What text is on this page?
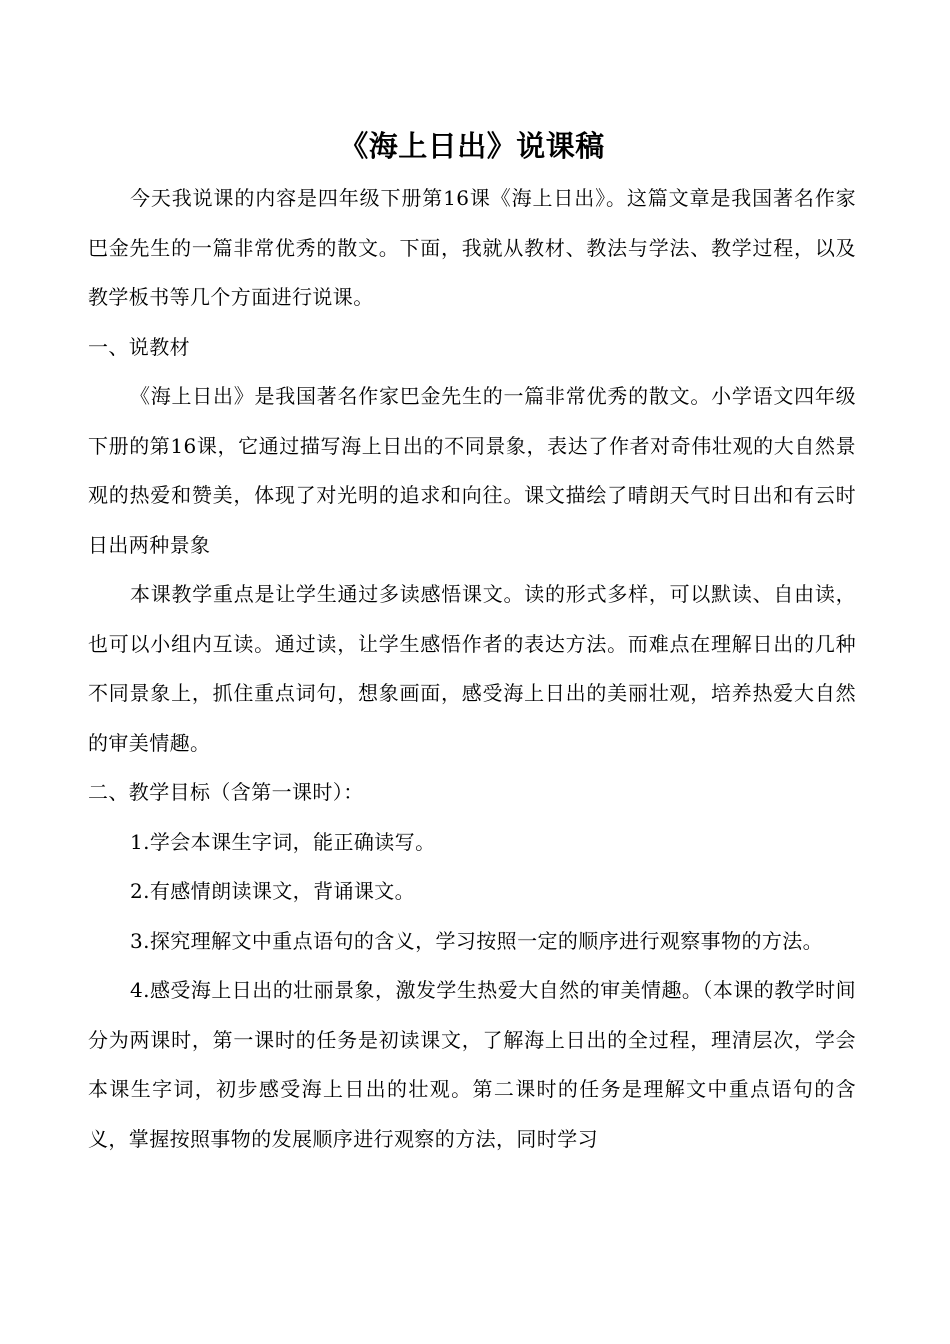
《海上日出》说课稿

今天我说课的内容是四年级下册第16课《海上日出》。这篇文章是我国著名作家巴金先生的一篇非常优秀的散文。下面，我就从教材、教法与学法、教学过程，以及教学板书等几个方面进行说课。

一、说教材

《海上日出》是我国著名作家巴金先生的一篇非常优秀的散文。小学语文四年级下册的第16课，它通过描写海上日出的不同景象，表达了作者对奇伟壮观的大自然景观的热爱和赞美，体现了对光明的追求和向往。课文描绘了晴朗天气时日出和有云时日出两种景象

本课教学重点是让学生通过多读感悟课文。读的形式多样，可以默读、自由读，也可以小组内互读。通过读，让学生感悟作者的表达方法。而难点在理解日出的几种不同景象上，抓住重点词句，想象画面，感受海上日出的美丽壮观，培养热爱大自然的审美情趣。

二、教学目标（含第一课时）：

1.学会本课生字词，能正确读写。

2.有感情朗读课文，背诵课文。

3.探究理解文中重点语句的含义，学习按照一定的顺序进行观察事物的方法。

4.感受海上日出的壮丽景象，激发学生热爱大自然的审美情趣。（本课的教学时间分为两课时，第一课时的任务是初读课文，了解海上日出的全过程，理清层次，学会本课生字词，初步感受海上日出的壮观。第二课时的任务是理解文中重点语句的含义，掌握按照事物的发展顺序进行观察的方法，同时学习
